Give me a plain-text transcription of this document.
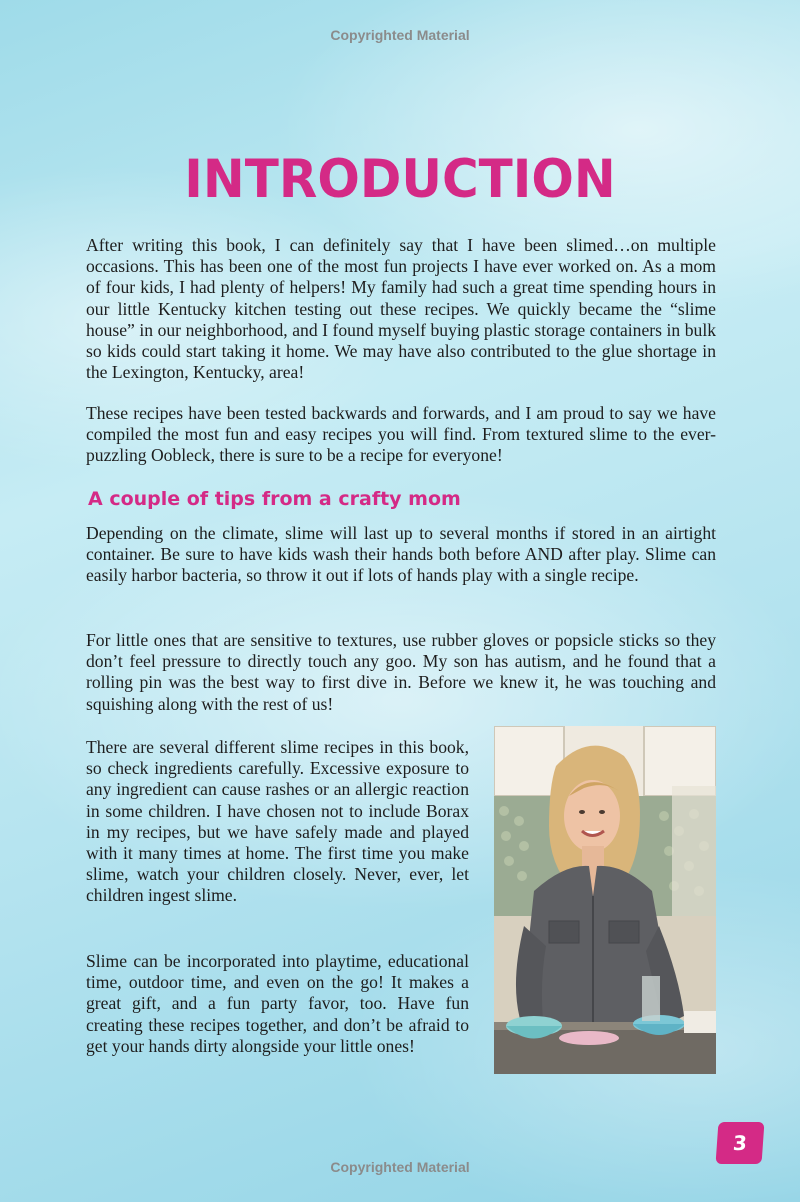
Copyrighted Material
INTRODUCTION

After writing this book, I can definitely say that I have been slimed…on multiple occasions. This has been one of the most fun projects I have ever worked on. As a mom of four kids, I had plenty of helpers! My family had such a great time spending hours in our little Kentucky kitchen testing out these recipes. We quickly became the “slime house” in our neighborhood, and I found myself buying plastic storage containers in bulk so kids could start taking it home. We may have also contributed to the glue shortage in the Lexington, Kentucky, area!

These recipes have been tested backwards and forwards, and I am proud to say we have compiled the most fun and easy recipes you will find. From textured slime to the ever-puzzling Oobleck, there is sure to be a recipe for everyone!

A couple of tips from a crafty mom

Depending on the climate, slime will last up to several months if stored in an airtight container. Be sure to have kids wash their hands both before AND after play. Slime can easily harbor bacteria, so throw it out if lots of hands play with a single recipe.

For little ones that are sensitive to textures, use rubber gloves or popsicle sticks so they don’t feel pressure to directly touch any goo. My son has autism, and he found that a rolling pin was the best way to first dive in. Before we knew it, he was touching and squishing along with the rest of us!

There are several different slime recipes in this book, so check ingredients carefully. Excessive exposure to any ingredient can cause rashes or an allergic reaction in some children. I have chosen not to include Borax in my recipes, but we have safely made and played with it many times at home. The first time you make slime, watch your children closely. Never, ever, let children ingest slime.

Slime can be incorporated into playtime, educational time, outdoor time, and even on the go! It makes a great gift, and a fun party favor, too. Have fun creating these recipes together, and don’t be afraid to get your hands dirty alongside your little ones!

3
Copyrighted Material
